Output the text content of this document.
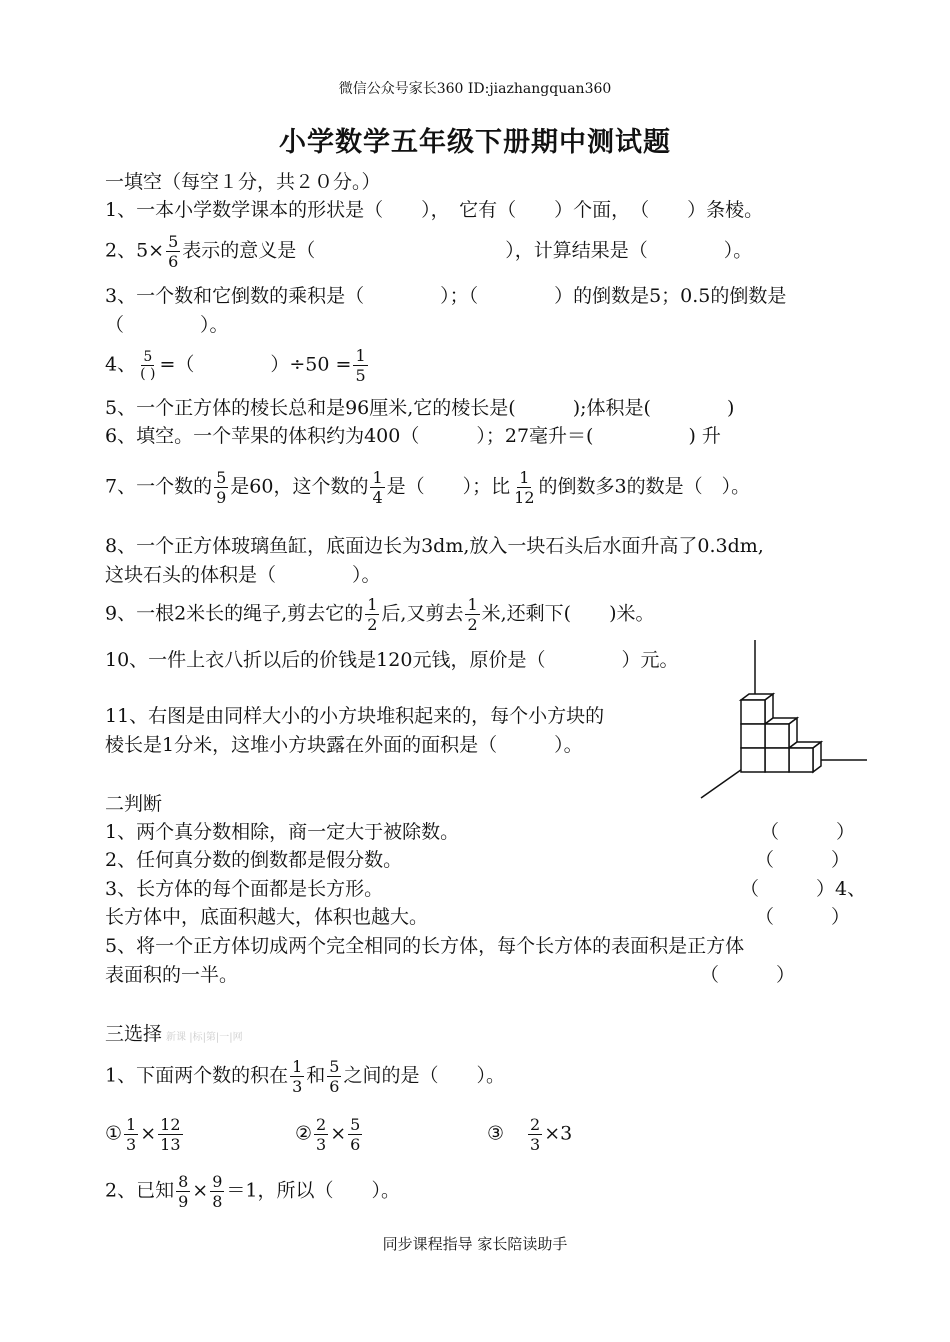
微信公众号家长360 ID:jiazhangquan360
小学数学五年级下册期中测试题
一填空（每空１分，共２０分。）
1、一本小学数学课本的形状是（　　），　它有（　　）个面，　（　　）条棱。
2、$5\times \frac{5}{6}$ 表示的意义是（　　　　　　　　　　），计算结果是（　　　　）。
3、一个数和它倒数的乘积是（　　　　）；（　　　　）的倒数是5；0.5的倒数是
（　　　　）。
4、 $\frac{5}{( )}$ =（　　　　）$\div 50 = \frac{1}{5}$
5、一个正方体的棱长总和是96厘米,它的棱长是(　　　);体积是(　　　　)
6、填空。一个苹果的体积约为400（　　　）；27毫升＝(　　　　　) 升
7、一个数的 $\frac{5}{9}$ 是60，这个数的 $\frac{1}{4}$ 是（　　）；比 $\frac{1}{12}$ 的倒数多3的数是（　）。
8、一个正方体玻璃鱼缸，底面边长为3dm,放入一块石头后水面升高了0.3dm,
这块石头的体积是（　　　　）。
9、一根2米长的绳子,剪去它的 $\frac{1}{2}$ 后,又剪去 $\frac{1}{2}$ 米,还剩下(　　)米。
10、一件上衣八折以后的价钱是120元钱，原价是（　　　　）元。
11、右图是由同样大小的小方块堆积起来的，每个小方块的
棱长是1分米，这堆小方块露在外面的面积是（　　　）。
二判断
1、两个真分数相除，商一定大于被除数。	（　　　）
2、任何真分数的倒数都是假分数。	（　　　）
3、长方体的每个面都是长方形。	（　　　）4、
长方体中，底面积越大，体积也越大。	（　　　）
5、将一个正方体切成两个完全相同的长方体，每个长方体的表面积是正方体
表面积的一半。	（　　　）
三选择 新课 |标|第|一|网
1、下面两个数的积在 $\frac{1}{3}$ 和 $\frac{5}{6}$ 之间的是（　　）。
① $\frac{1}{3} \times \frac{12}{13}$	② $\frac{2}{3} \times \frac{5}{6}$	③ $\frac{2}{3} \times 3$
2、已知 $\frac{8}{9} \times \frac{9}{8} =1$，所以（　　）。
同步课程指导 家长陪读助手
